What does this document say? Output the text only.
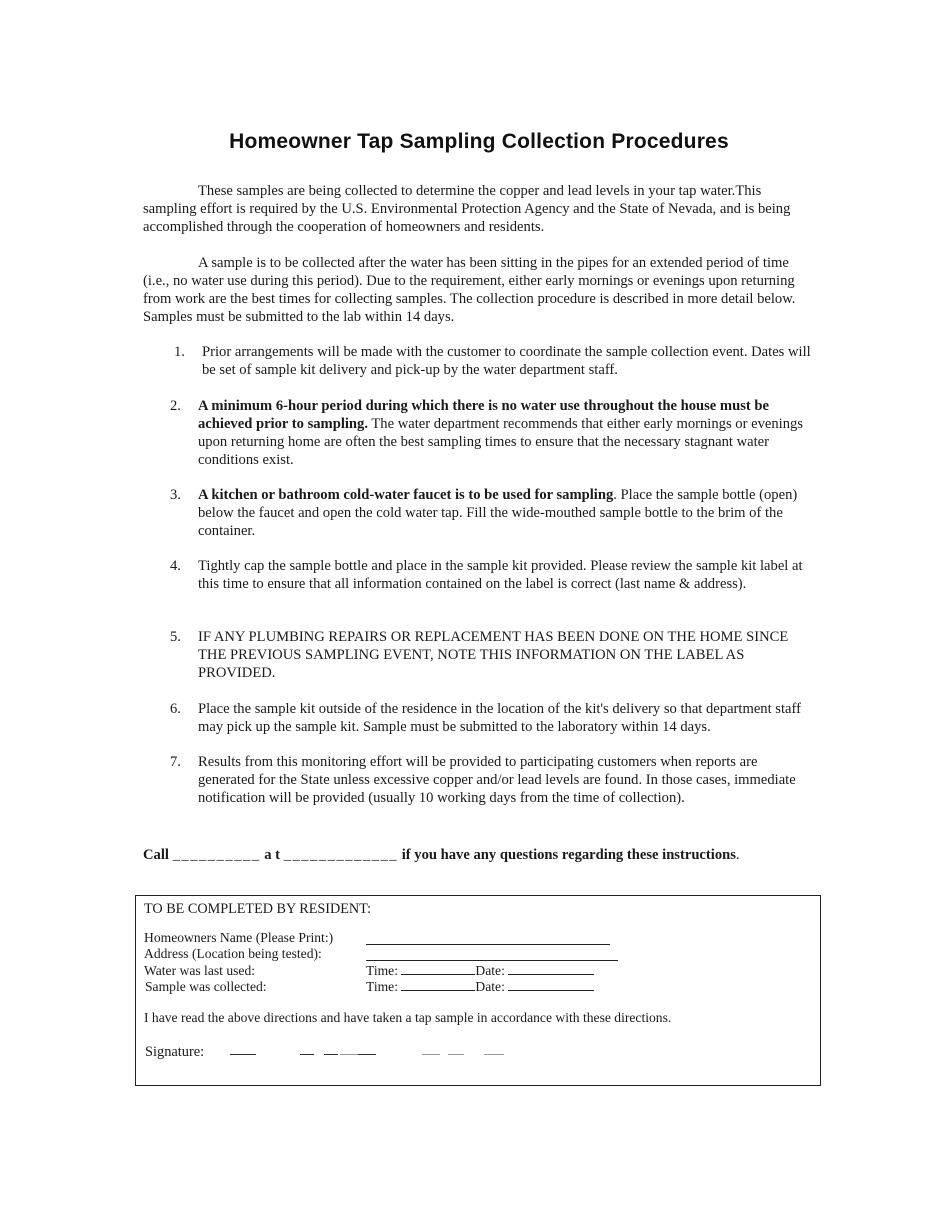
Homeowner Tap Sampling Collection Procedures

These samples are being collected to determine the copper and lead levels in your tap water.This sampling effort is required by the U.S. Environmental Protection Agency and the State of Nevada, and is being accomplished through the cooperation of homeowners and residents.

A sample is to be collected after the water has been sitting in the pipes for an extended period of time (i.e., no water use during this period). Due to the requirement, either early mornings or evenings upon returning from work are the best times for collecting samples. The collection procedure is described in more detail below. Samples must be submitted to the lab within 14 days.

1.	Prior arrangements will be made with the customer to coordinate the sample collection event. Dates will be set of sample kit delivery and pick-up by the water department staff.
2.	A minimum 6-hour period during which there is no water use throughout the house must be achieved prior to sampling. The water department recommends that either early mornings or evenings upon returning home are often the best sampling times to ensure that the necessary stagnant water conditions exist.
3.	A kitchen or bathroom cold-water faucet is to be used for sampling. Place the sample bottle (open) below the faucet and open the cold water tap. Fill the wide-mouthed sample bottle to the brim of the container.
4.	Tightly cap the sample bottle and place in the sample kit provided. Please review the sample kit label at this time to ensure that all information contained on the label is correct (last name & address).
5.	IF ANY PLUMBING REPAIRS OR REPLACEMENT HAS BEEN DONE ON THE HOME SINCE THE PREVIOUS SAMPLING EVENT, NOTE THIS INFORMATION ON THE LABEL AS PROVIDED.
6.	Place the sample kit outside of the residence in the location of the kit's delivery so that department staff may pick up the sample kit. Sample must be submitted to the laboratory within 14 days.
7.	Results from this monitoring effort will be provided to participating customers when reports are generated for the State unless excessive copper and/or lead levels are found. In those cases, immediate notification will be provided (usually 10 working days from the time of collection).
Call __________ a t _____________ if you have any questions regarding these instructions.
TO BE COMPLETED BY RESIDENT:
Homeowners Name (Please Print:)
Address (Location being tested):
Water was last used:	Time:	Date:
Sample was collected:	Time:	Date:
I have read the above directions and have taken a tap sample in accordance with these directions.
Signature:
